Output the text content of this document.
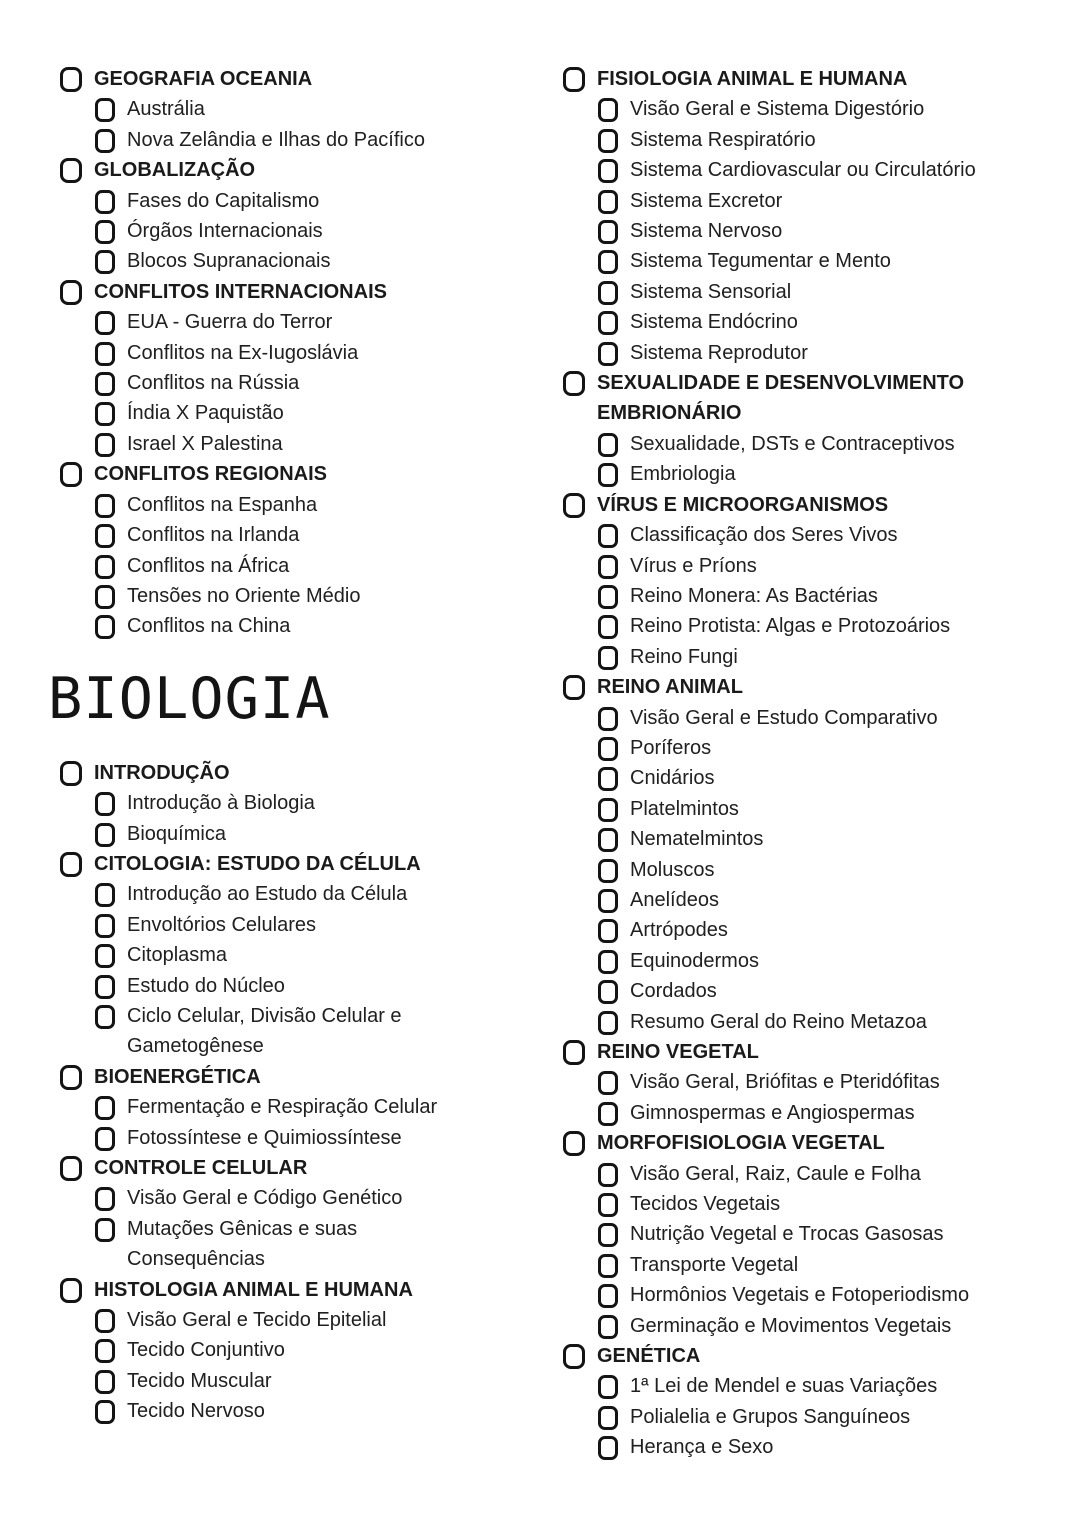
GEOGRAFIA OCEANIA
Austrália
Nova Zelândia e Ilhas do Pacífico
GLOBALIZAÇÃO
Fases do Capitalismo
Órgãos Internacionais
Blocos Supranacionais
CONFLITOS INTERNACIONAIS
EUA - Guerra do Terror
Conflitos na Ex-Iugoslávia
Conflitos na Rússia
Índia X Paquistão
Israel X Palestina
CONFLITOS REGIONAIS
Conflitos na Espanha
Conflitos na Irlanda
Conflitos na África
Tensões no Oriente Médio
Conflitos na China
BIOLOGIA
INTRODUÇÃO
Introdução à Biologia
Bioquímica
CITOLOGIA: ESTUDO DA CÉLULA
Introdução ao Estudo da Célula
Envoltórios Celulares
Citoplasma
Estudo do Núcleo
Ciclo Celular, Divisão Celular e Gametogênese
BIOENERGÉTICA
Fermentação e Respiração Celular
Fotossíntese e Quimiossíntese
CONTROLE CELULAR
Visão Geral e Código Genético
Mutações Gênicas e suas Consequências
HISTOLOGIA ANIMAL E HUMANA
Visão Geral e Tecido Epitelial
Tecido Conjuntivo
Tecido Muscular
Tecido Nervoso
FISIOLOGIA ANIMAL E HUMANA
Visão Geral e Sistema Digestório
Sistema Respiratório
Sistema Cardiovascular ou Circulatório
Sistema Excretor
Sistema Nervoso
Sistema Tegumentar e Mento
Sistema Sensorial
Sistema Endócrino
Sistema Reprodutor
SEXUALIDADE E DESENVOLVIMENTO EMBRIONÁRIO
Sexualidade, DSTs e Contraceptivos
Embriologia
VÍRUS E MICROORGANISMOS
Classificação dos Seres Vivos
Vírus e Príons
Reino Monera: As Bactérias
Reino Protista: Algas e Protozoários
Reino Fungi
REINO ANIMAL
Visão Geral e Estudo Comparativo
Poríferos
Cnidários
Platelmintos
Nematelmintos
Moluscos
Anelídeos
Artrópodes
Equinodermos
Cordados
Resumo Geral do Reino Metazoa
REINO VEGETAL
Visão Geral, Briófitas e Pteridófitas
Gimnospermas e Angiospermas
MORFOFISIOLOGIA VEGETAL
Visão Geral, Raiz, Caule e Folha
Tecidos Vegetais
Nutrição Vegetal e Trocas Gasosas
Transporte Vegetal
Hormônios Vegetais e Fotoperiodismo
Germinação e Movimentos Vegetais
GENÉTICA
1ª Lei de Mendel e suas Variações
Polialelia e Grupos Sanguíneos
Herança e Sexo
